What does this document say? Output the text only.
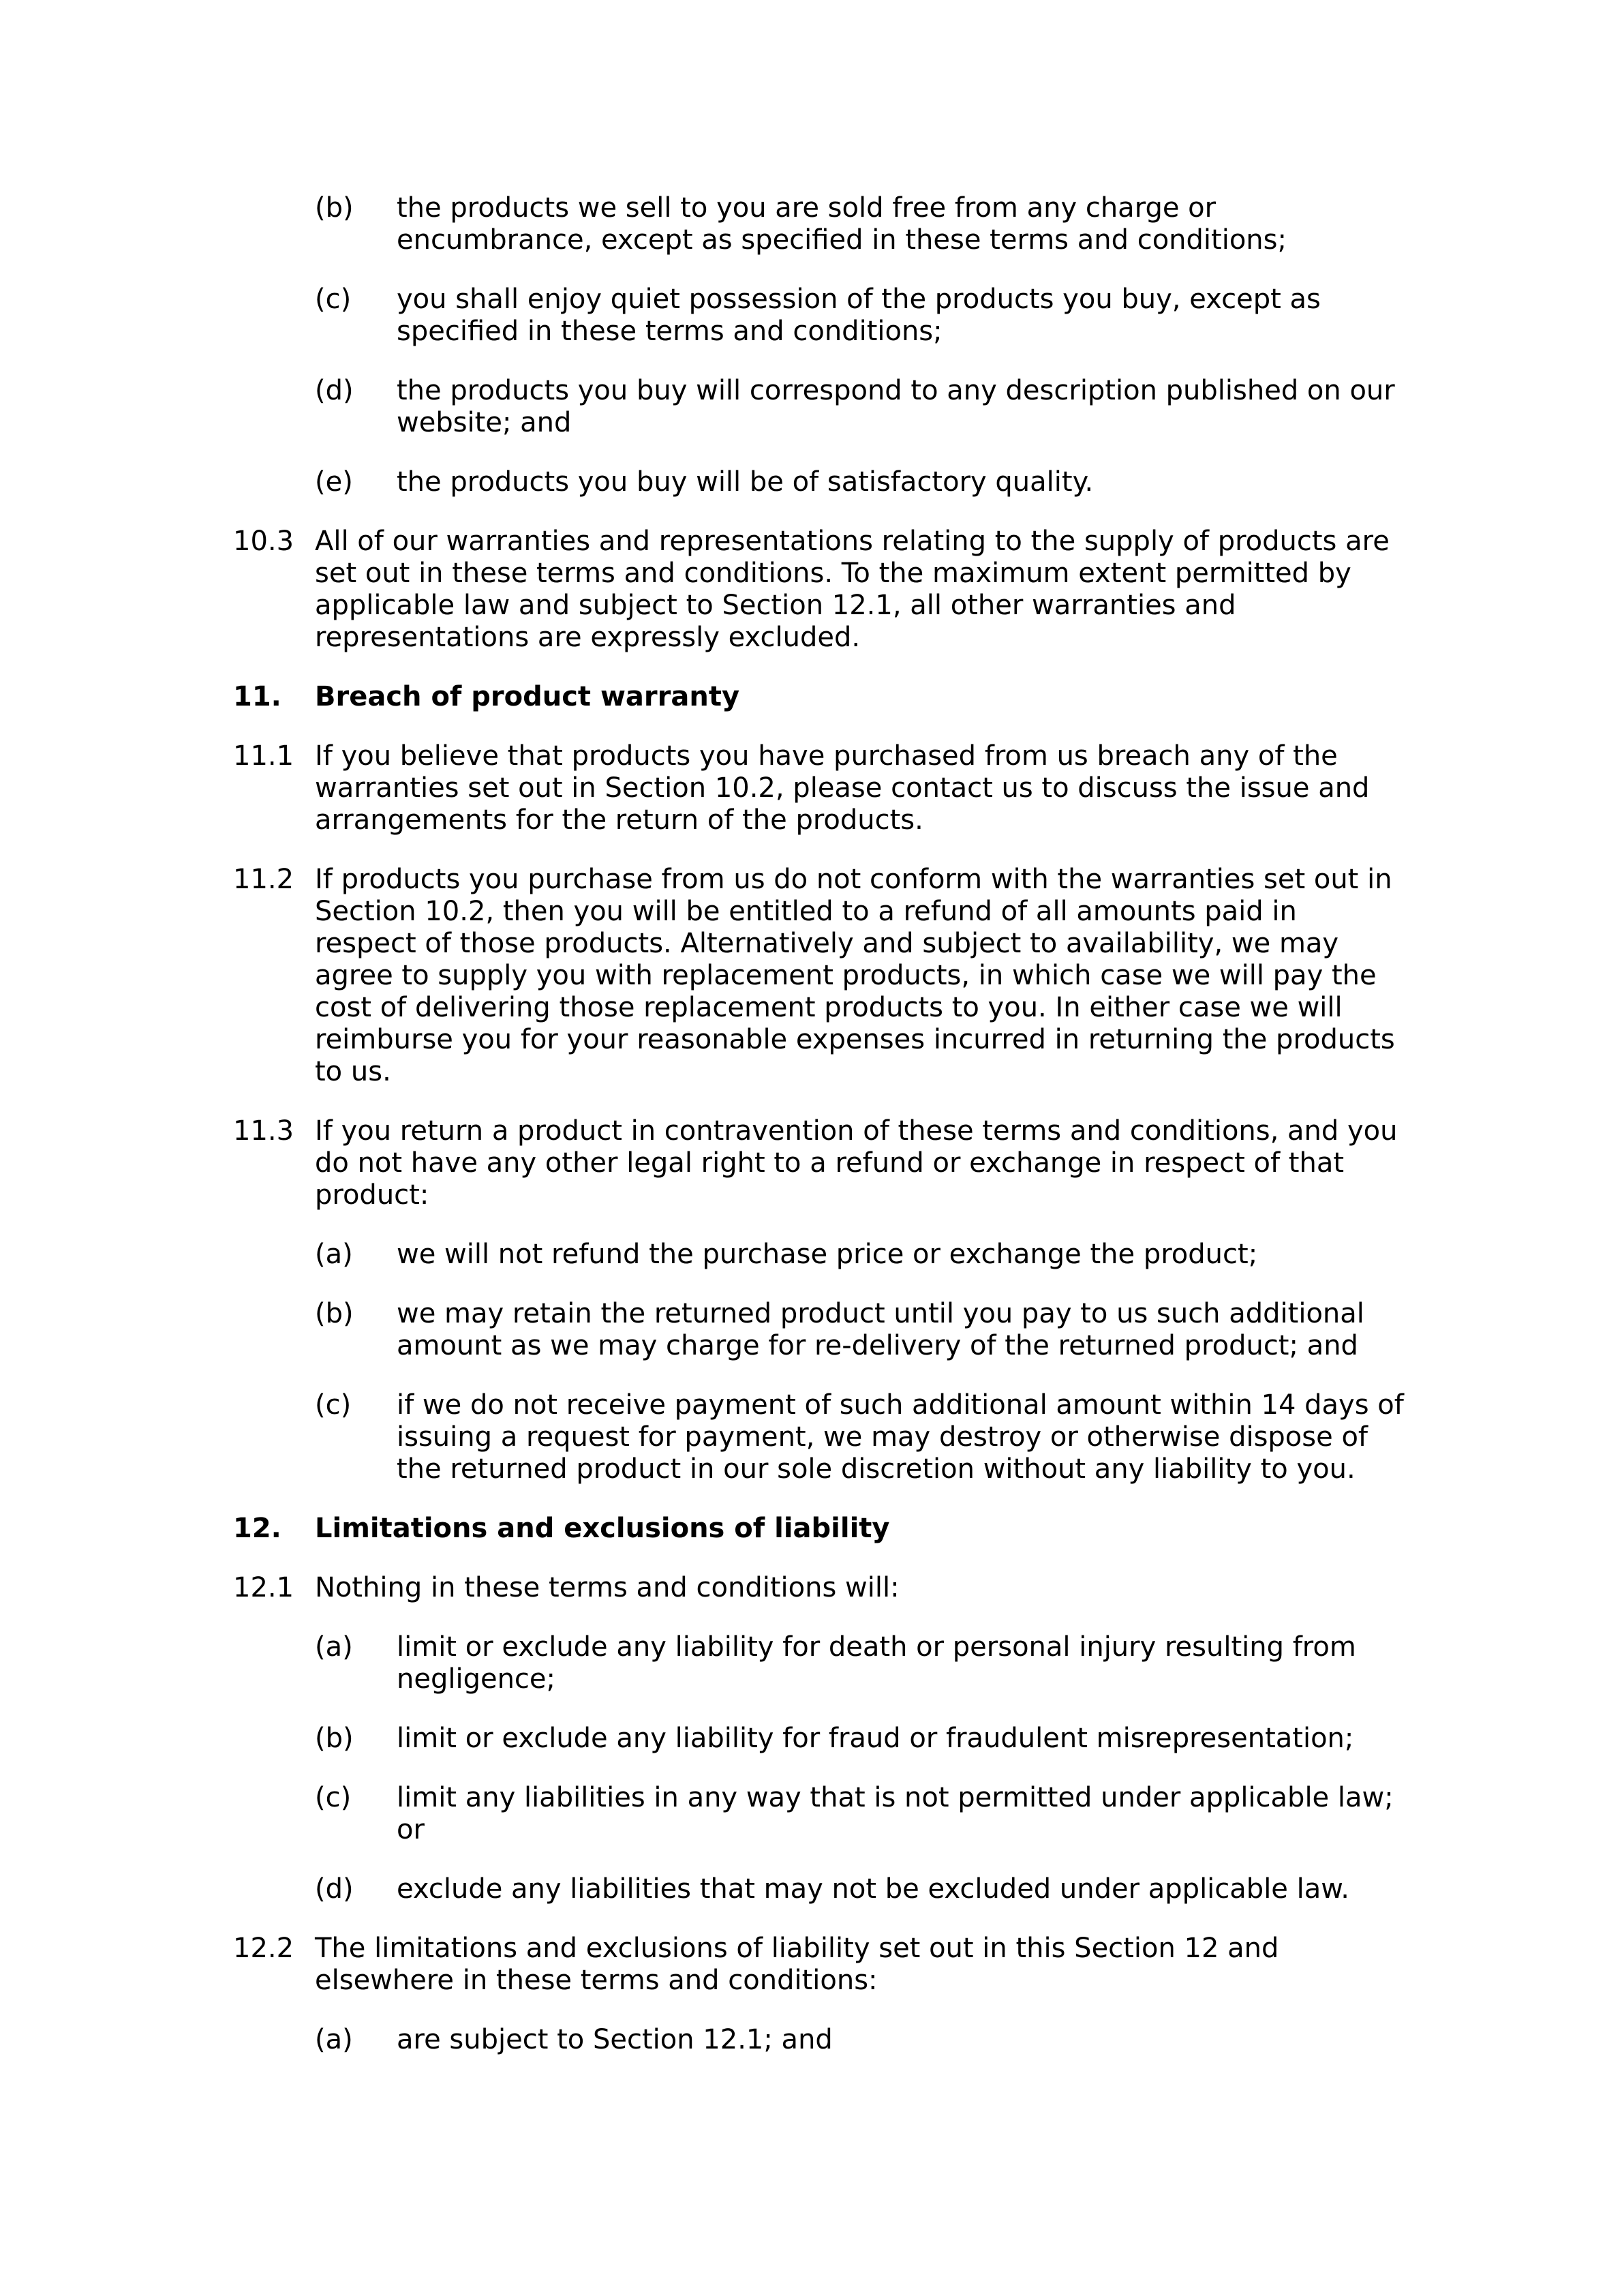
(b)	the products we sell to you are sold free from any charge or encumbrance, except as specified in these terms and conditions;
(c)	you shall enjoy quiet possession of the products you buy, except as specified in these terms and conditions;
(d)	the products you buy will correspond to any description published on our website; and
(e)	the products you buy will be of satisfactory quality.
10.3 All of our warranties and representations relating to the supply of products are set out in these terms and conditions. To the maximum extent permitted by applicable law and subject to Section 12.1, all other warranties and representations are expressly excluded.
11.	Breach of product warranty
11.1 If you believe that products you have purchased from us breach any of the warranties set out in Section 10.2, please contact us to discuss the issue and arrangements for the return of the products.
11.2 If products you purchase from us do not conform with the warranties set out in Section 10.2, then you will be entitled to a refund of all amounts paid in respect of those products. Alternatively and subject to availability, we may agree to supply you with replacement products, in which case we will pay the cost of delivering those replacement products to you. In either case we will reimburse you for your reasonable expenses incurred in returning the products to us.
11.3 If you return a product in contravention of these terms and conditions, and you do not have any other legal right to a refund or exchange in respect of that product:
(a)	we will not refund the purchase price or exchange the product;
(b)	we may retain the returned product until you pay to us such additional amount as we may charge for re-delivery of the returned product; and
(c)	if we do not receive payment of such additional amount within 14 days of issuing a request for payment, we may destroy or otherwise dispose of the returned product in our sole discretion without any liability to you.
12.	Limitations and exclusions of liability
12.1 Nothing in these terms and conditions will:
(a)	limit or exclude any liability for death or personal injury resulting from negligence;
(b)	limit or exclude any liability for fraud or fraudulent misrepresentation;
(c)	limit any liabilities in any way that is not permitted under applicable law; or
(d)	exclude any liabilities that may not be excluded under applicable law.
12.2 The limitations and exclusions of liability set out in this Section 12 and elsewhere in these terms and conditions:
(a)	are subject to Section 12.1; and
